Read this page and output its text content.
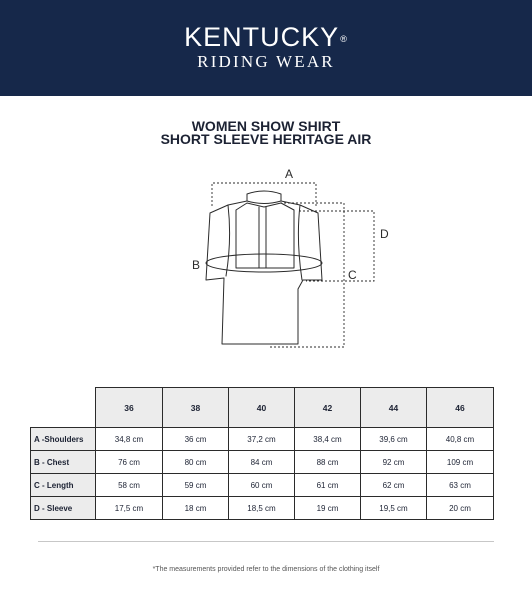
KENTUCKY®
RIDING WEAR
WOMEN SHOW SHIRT
SHORT SLEEVE HERITAGE AIR
A
B
C
D
	36	38	40	42	44	46
A -Shoulders	34,8 cm	36 cm	37,2 cm	38,4 cm	39,6 cm	40,8 cm
B - Chest	76 cm	80 cm	84 cm	88 cm	92 cm	109 cm
C - Length	58 cm	59 cm	60 cm	61 cm	62 cm	63 cm
D - Sleeve	17,5 cm	18 cm	18,5 cm	19 cm	19,5 cm	20 cm
*The measurements provided refer to the dimensions of the clothing itself
